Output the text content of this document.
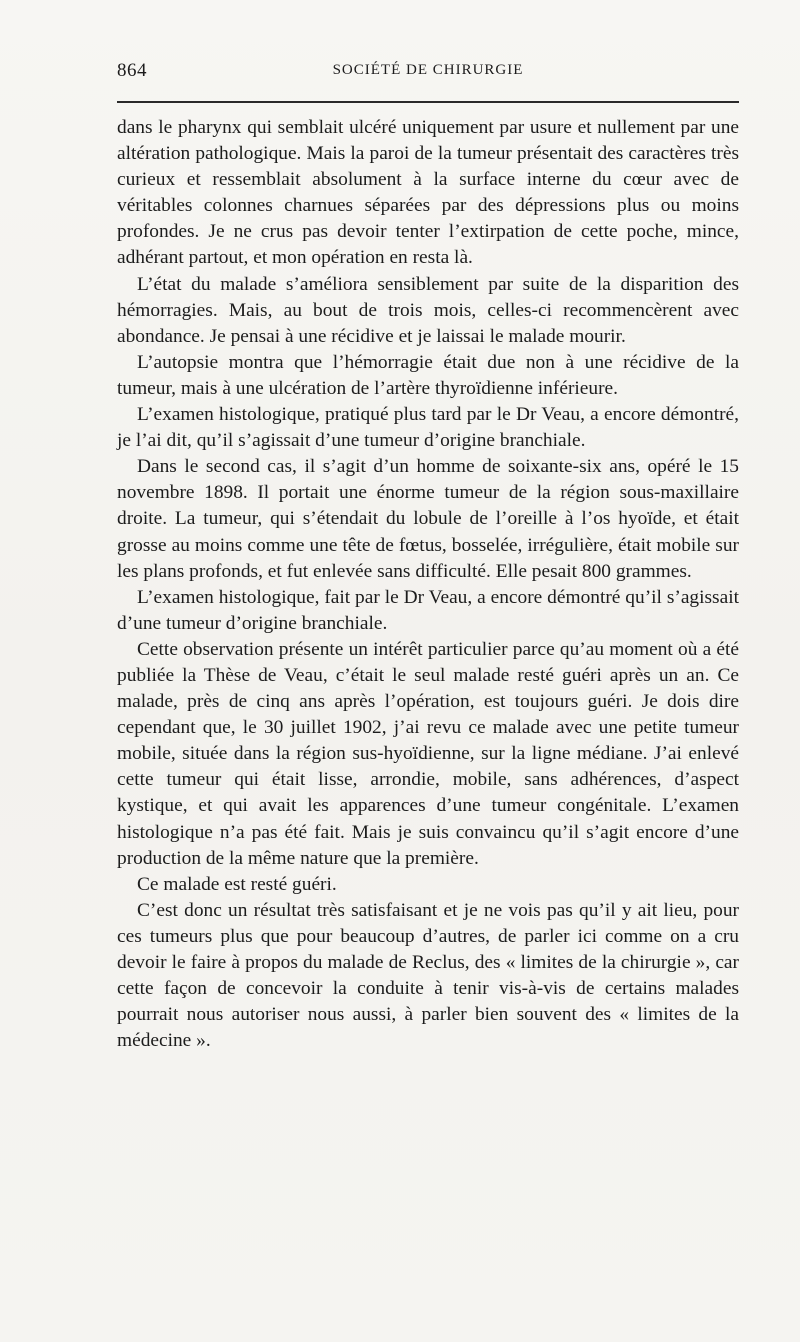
864	SOCIÉTÉ DE CHIRURGIE

dans le pharynx qui semblait ulcéré uniquement par usure et nullement par une altération pathologique. Mais la paroi de la tumeur présentait des caractères très curieux et ressemblait absolument à la surface interne du cœur avec de véritables colonnes charnues séparées par des dépressions plus ou moins profondes. Je ne crus pas devoir tenter l’extirpation de cette poche, mince, adhérant partout, et mon opération en resta là.

L’état du malade s’améliora sensiblement par suite de la disparition des hémorragies. Mais, au bout de trois mois, celles-ci recommencèrent avec abondance. Je pensai à une récidive et je laissai le malade mourir.

L’autopsie montra que l’hémorragie était due non à une récidive de la tumeur, mais à une ulcération de l’artère thyroïdienne inférieure.

L’examen histologique, pratiqué plus tard par le Dr Veau, a encore démontré, je l’ai dit, qu’il s’agissait d’une tumeur d’origine branchiale.

Dans le second cas, il s’agit d’un homme de soixante-six ans, opéré le 15 novembre 1898. Il portait une énorme tumeur de la région sous-maxillaire droite. La tumeur, qui s’étendait du lobule de l’oreille à l’os hyoïde, et était grosse au moins comme une tête de fœtus, bosselée, irrégulière, était mobile sur les plans profonds, et fut enlevée sans difficulté. Elle pesait 800 grammes.

L’examen histologique, fait par le Dr Veau, a encore démontré qu’il s’agissait d’une tumeur d’origine branchiale.

Cette observation présente un intérêt particulier parce qu’au moment où a été publiée la Thèse de Veau, c’était le seul malade resté guéri après un an. Ce malade, près de cinq ans après l’opération, est toujours guéri. Je dois dire cependant que, le 30 juillet 1902, j’ai revu ce malade avec une petite tumeur mobile, située dans la région sus-hyoïdienne, sur la ligne médiane. J’ai enlevé cette tumeur qui était lisse, arrondie, mobile, sans adhérences, d’aspect kystique, et qui avait les apparences d’une tumeur congénitale. L’examen histologique n’a pas été fait. Mais je suis convaincu qu’il s’agit encore d’une production de la même nature que la première.

Ce malade est resté guéri.

C’est donc un résultat très satisfaisant et je ne vois pas qu’il y ait lieu, pour ces tumeurs plus que pour beaucoup d’autres, de parler ici comme on a cru devoir le faire à propos du malade de Reclus, des « limites de la chirurgie », car cette façon de concevoir la conduite à tenir vis-à-vis de certains malades pourrait nous autoriser nous aussi, à parler bien souvent des « limites de la médecine ».
